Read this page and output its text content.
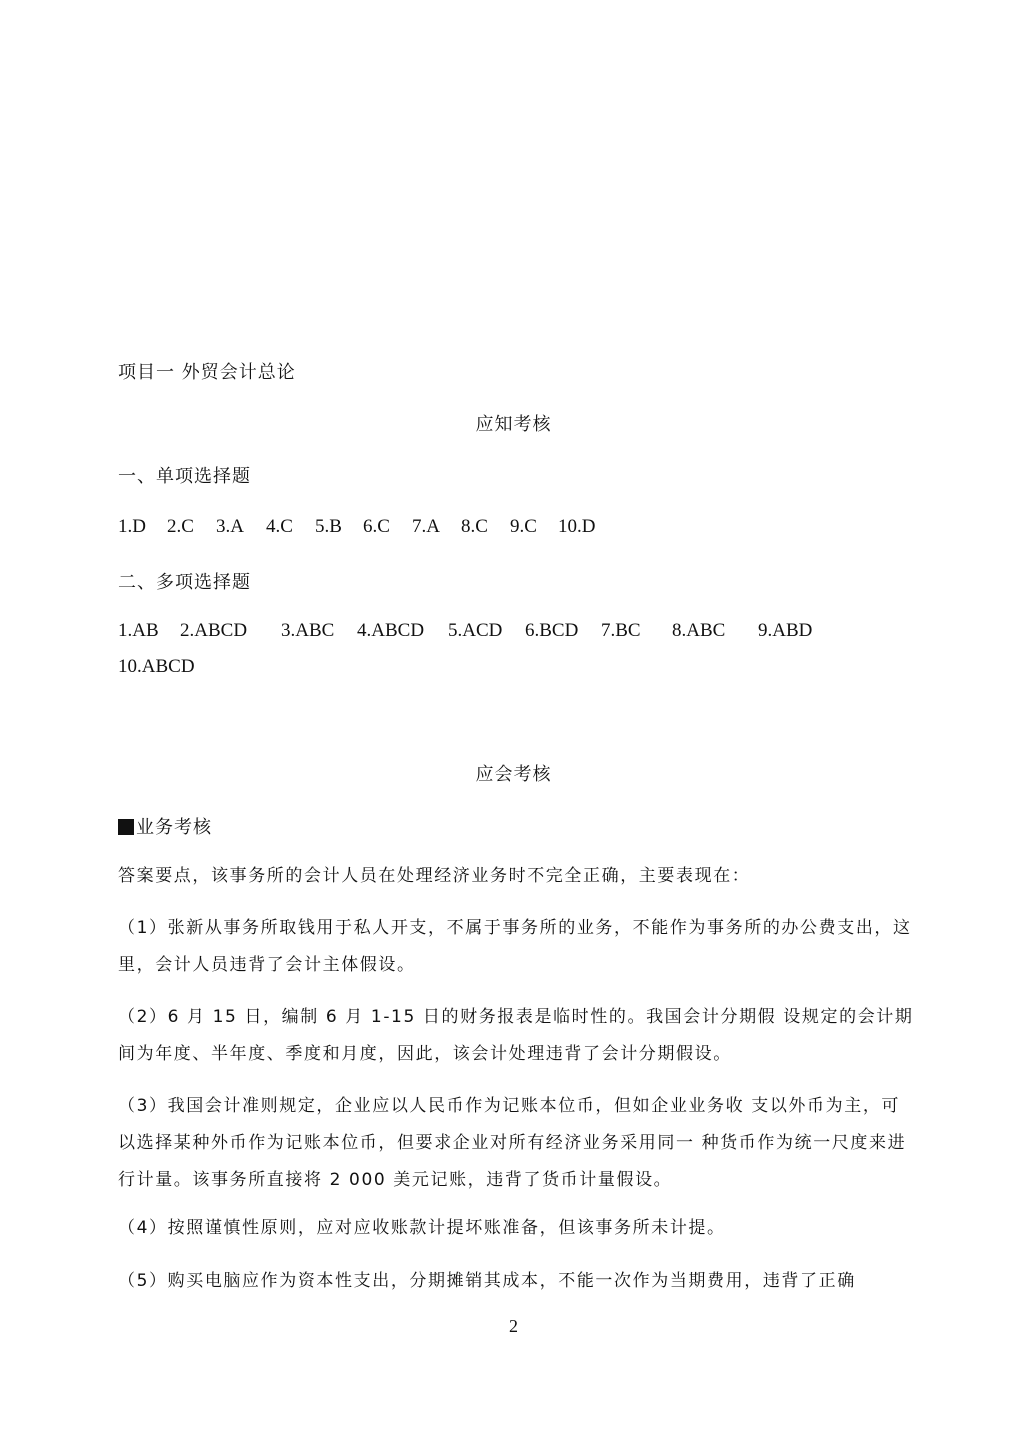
项目一 外贸会计总论
应知考核
一、单项选择题
1.D 2.C 3.A 4.C 5.B 6.C 7.A 8.C 9.C 10.D
二、多项选择题
1.AB 2.ABCD 3.ABC 4.ABCD 5.ACD 6.BCD 7.BC 8.ABC 9.ABD
10.ABCD
应会考核
业务考核
答案要点，该事务所的会计人员在处理经济业务时不完全正确，主要表现在：
（1）张新从事务所取钱用于私人开支，不属于事务所的业务，不能作为事务所的办公费支出，这里，会计人员违背了会计主体假设。
（2）6 月 15 日，编制 6 月 1-15 日的财务报表是临时性的。我国会计分期假 设规定的会计期间为年度、半年度、季度和月度，因此，该会计处理违背了会计分期假设。
（3）我国会计准则规定，企业应以人民币作为记账本位币，但如企业业务收 支以外币为主，可以选择某种外币作为记账本位币，但要求企业对所有经济业务采用同一 种货币作为统一尺度来进行计量。该事务所直接将 2 000 美元记账，违背了货币计量假设。
（4）按照谨慎性原则，应对应收账款计提坏账准备，但该事务所未计提。
（5）购买电脑应作为资本性支出，分期摊销其成本，不能一次作为当期费用，违背了正确
2
